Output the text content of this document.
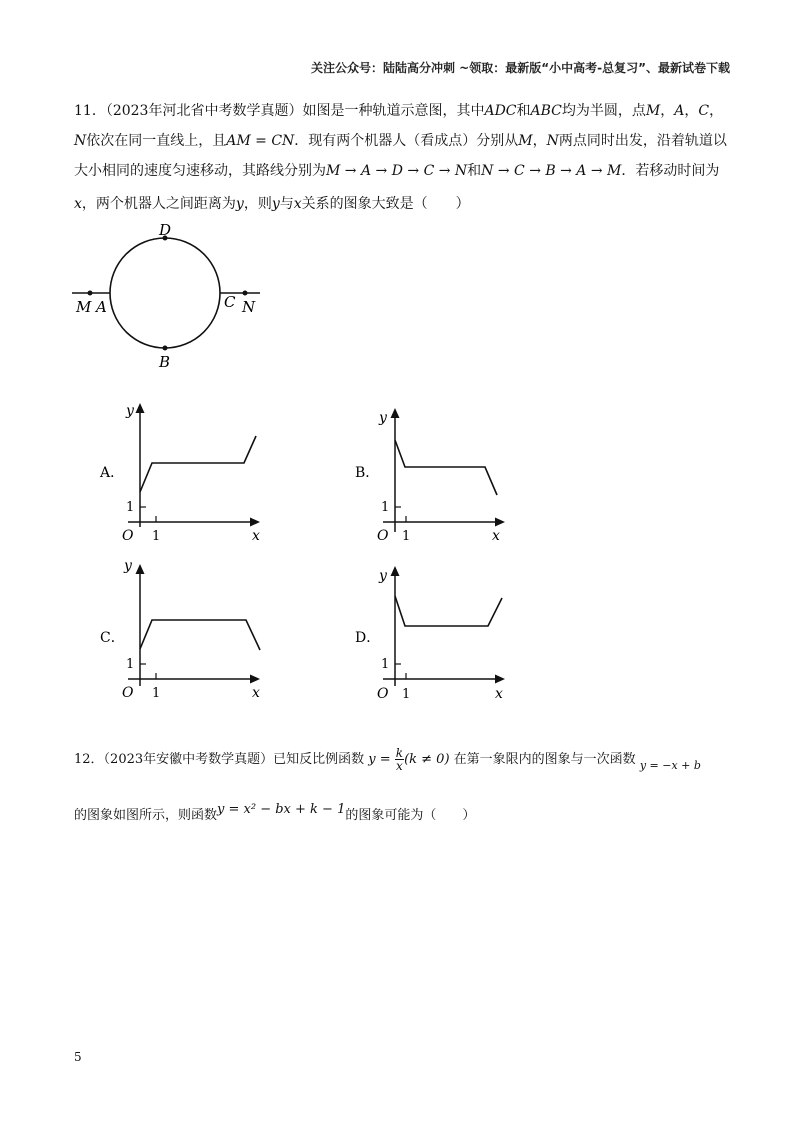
关注公众号：陆陆高分冲刺 ~领取：最新版“小中高考-总复习”、最新试卷下载
11．（2023年河北省中考数学真题）如图是一种轨道示意图，其中ADC和ABC均为半圆，点M，A，C，
N依次在同一直线上，且AM = CN．现有两个机器人（看成点）分别从M，N两点同时出发，沿着轨道以
大小相同的速度匀速移动，其路线分别为M → A → D → C → N和N → C → B → A → M．若移动时间为
x，两个机器人之间距离为y，则y与x关系的图象大致是（　　）
D
B
M A	C N
A．
y
x
O 1
1
B．
y
x
O 1
1
C．
y
x
O 1
1
D．
y
x
O 1
1
12．（2023年安徽中考数学真题）已知反比例函数 $y = \frac{k}{x} (k \ne 0)$ 在第一象限内的图象与一次函数 $_{y = -x + b}$
的图象如图所示，则函数y = x² − bx + k − 1的图象可能为（　　）
5
